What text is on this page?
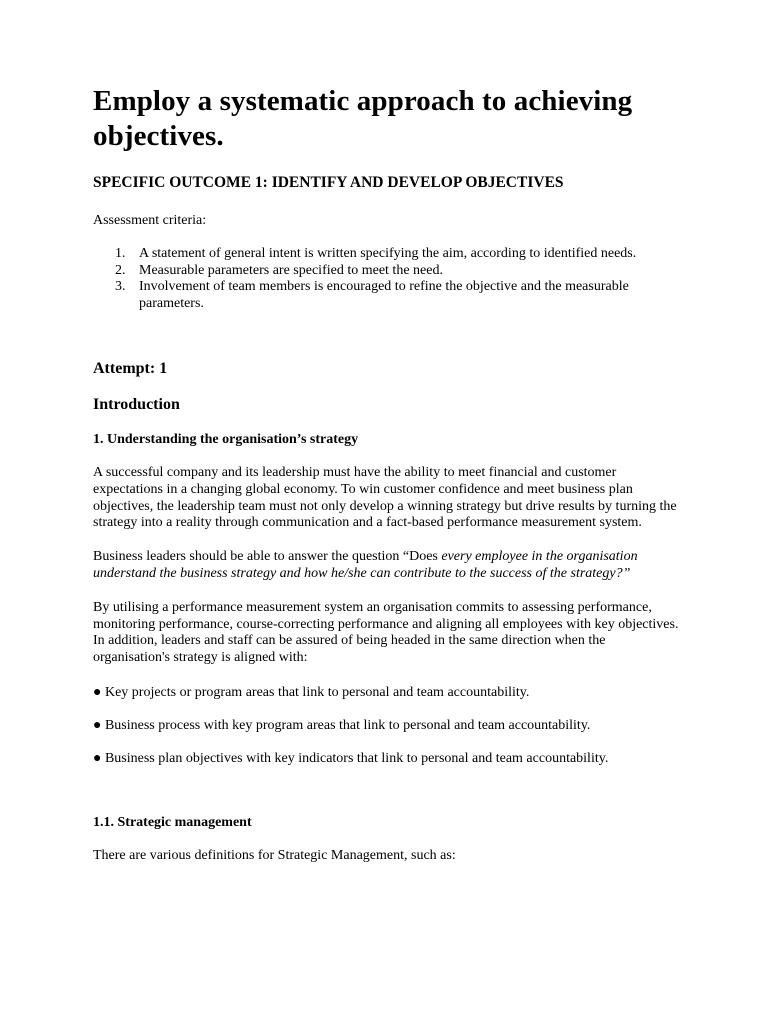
Employ a systematic approach to achieving objectives.

SPECIFIC OUTCOME 1: IDENTIFY AND DEVELOP OBJECTIVES

Assessment criteria:

1. A statement of general intent is written specifying the aim, according to identified needs.
2. Measurable parameters are specified to meet the need.
3. Involvement of team members is encouraged to refine the objective and the measurable parameters.

Attempt: 1

Introduction

1. Understanding the organisation’s strategy

A successful company and its leadership must have the ability to meet financial and customer expectations in a changing global economy. To win customer confidence and meet business plan objectives, the leadership team must not only develop a winning strategy but drive results by turning the strategy into a reality through communication and a fact-based performance measurement system.

Business leaders should be able to answer the question “Does every employee in the organisation understand the business strategy and how he/she can contribute to the success of the strategy?”

By utilising a performance measurement system an organisation commits to assessing performance, monitoring performance, course-correcting performance and aligning all employees with key objectives. In addition, leaders and staff can be assured of being headed in the same direction when the organisation's strategy is aligned with:

● Key projects or program areas that link to personal and team accountability.

● Business process with key program areas that link to personal and team accountability.

● Business plan objectives with key indicators that link to personal and team accountability.

1.1. Strategic management

There are various definitions for Strategic Management, such as:
